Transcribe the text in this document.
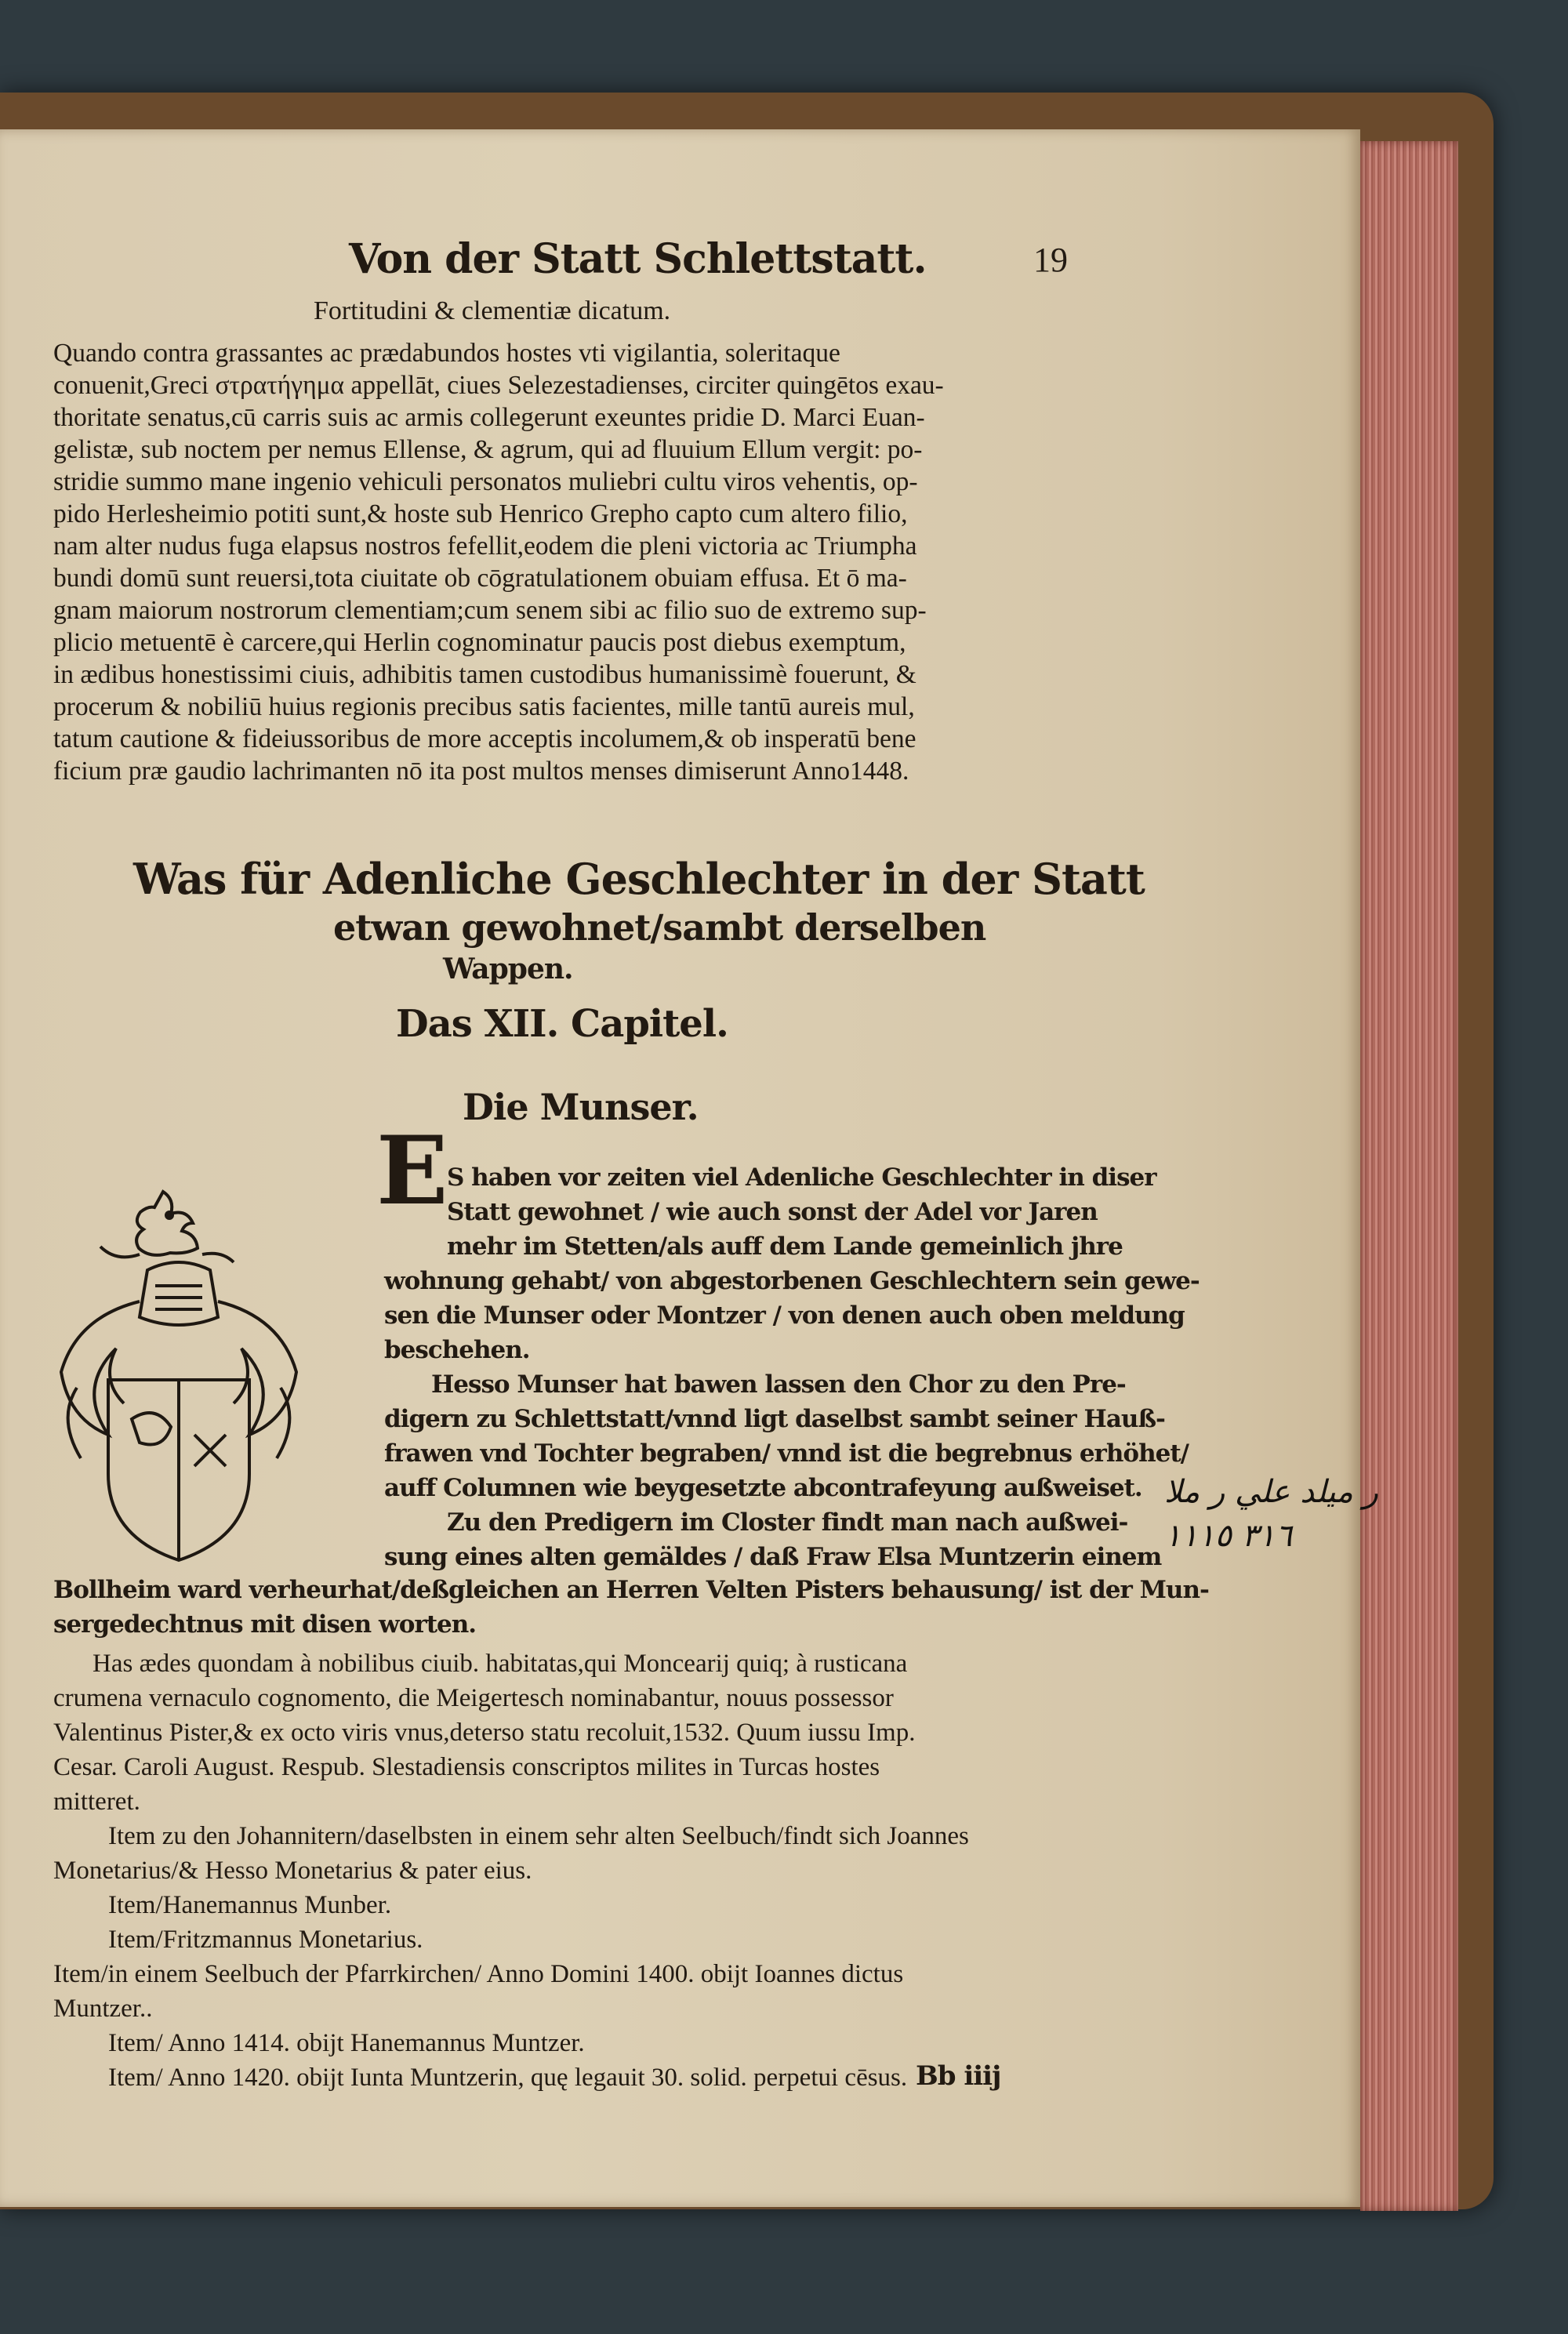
Von der Statt Schlettstatt.	19
Fortitudini & clementiæ dicatum.
Quando contra grassantes ac prædabundos hostes vti vigilantia, soleritaque
conuenit,Greci στρατήγημα appellāt, ciues Selezestadienses, circiter quingētos exau-
thoritate senatus,cū carris suis ac armis collegerunt exeuntes pridie D. Marci Euan-
gelistæ, sub noctem per nemus Ellense, & agrum, qui ad fluuium Ellum vergit: po-
stridie summo mane ingenio vehiculi personatos muliebri cultu viros vehentis, op-
pido Herlesheimio potiti sunt,& hoste sub Henrico Grepho capto cum altero filio,
nam alter nudus fuga elapsus nostros fefellit,eodem die pleni victoria ac Triumpha
bundi domū sunt reuersi,tota ciuitate ob cōgratulationem obuiam effusa. Et ō ma-
gnam maiorum nostrorum clementiam;cum senem sibi ac filio suo de extremo sup-
plicio metuentē è carcere,qui Herlin cognominatur paucis post diebus exemptum,
in ædibus honestissimi ciuis, adhibitis tamen custodibus humanissimè fouerunt, &
procerum & nobiliū huius regionis precibus satis facientes, mille tantū aureis mul,
tatum cautione & fideiussoribus de more acceptis incolumem,& ob insperatū bene
ficium præ gaudio lachrimanten nō ita post multos menses dimiserunt Anno1448.
Was für Adenliche Geschlechter in der Statt
etwan gewohnet/sambt derselben
Wappen.
Das XII. Capitel.
Die Munser.
E S haben vor zeiten viel Adenliche Geschlechter in diser
Statt gewohnet / wie auch sonst der Adel vor Jaren
mehr im Stetten/als auff dem Lande gemeinlich jhre
wohnung gehabt/ von abgestorbenen Geschlechtern sein gewe-
sen die Munser oder Montzer / von denen auch oben meldung
beschehen.
Hesso Munser hat bawen lassen den Chor zu den Pre-
digern zu Schlettstatt/vnnd ligt daselbst sambt seiner Hauß-
frawen vnd Tochter begraben/ vnnd ist die begrebnus erhöhet/
auff Columnen wie beygesetzte abcontrafeyung außweiset.
Zu den Predigern im Closter findt man nach außwei-
sung eines alten gemäldes / daß Fraw Elsa Muntzerin einem
Bollheim ward verheurhat/deßgleichen an Herren Velten Pisters behausung/ ist der Mun-
sergedechtnus mit disen worten.
Has ædes quondam à nobilibus ciuib. habitatas,qui Moncearij quiq; à rusticana
crumena vernaculo cognomento, die Meigertesch nominabantur, nouus possessor
Valentinus Pister,& ex octo viris vnus,deterso statu recoluit,1532. Quum iussu Imp.
Cesar. Caroli August. Respub. Slestadiensis conscriptos milites in Turcas hostes
mitteret.
Item zu den Johannitern/daselbsten in einem sehr alten Seelbuch/findt sich Joannes
Monetarius/& Hesso Monetarius & pater eius.
Item/Hanemannus Munber.
Item/Fritzmannus Monetarius.
Item/in einem Seelbuch der Pfarrkirchen/ Anno Domini 1400. obijt Ioannes dictus
Muntzer..
Item/ Anno 1414. obijt Hanemannus Muntzer.
Item/ Anno 1420. obijt Iunta Muntzerin, quę legauit 30. solid. perpetui cēsus. Bb iiij
ر ميلد علي ر ملا
٣١٦ ١١١٥
